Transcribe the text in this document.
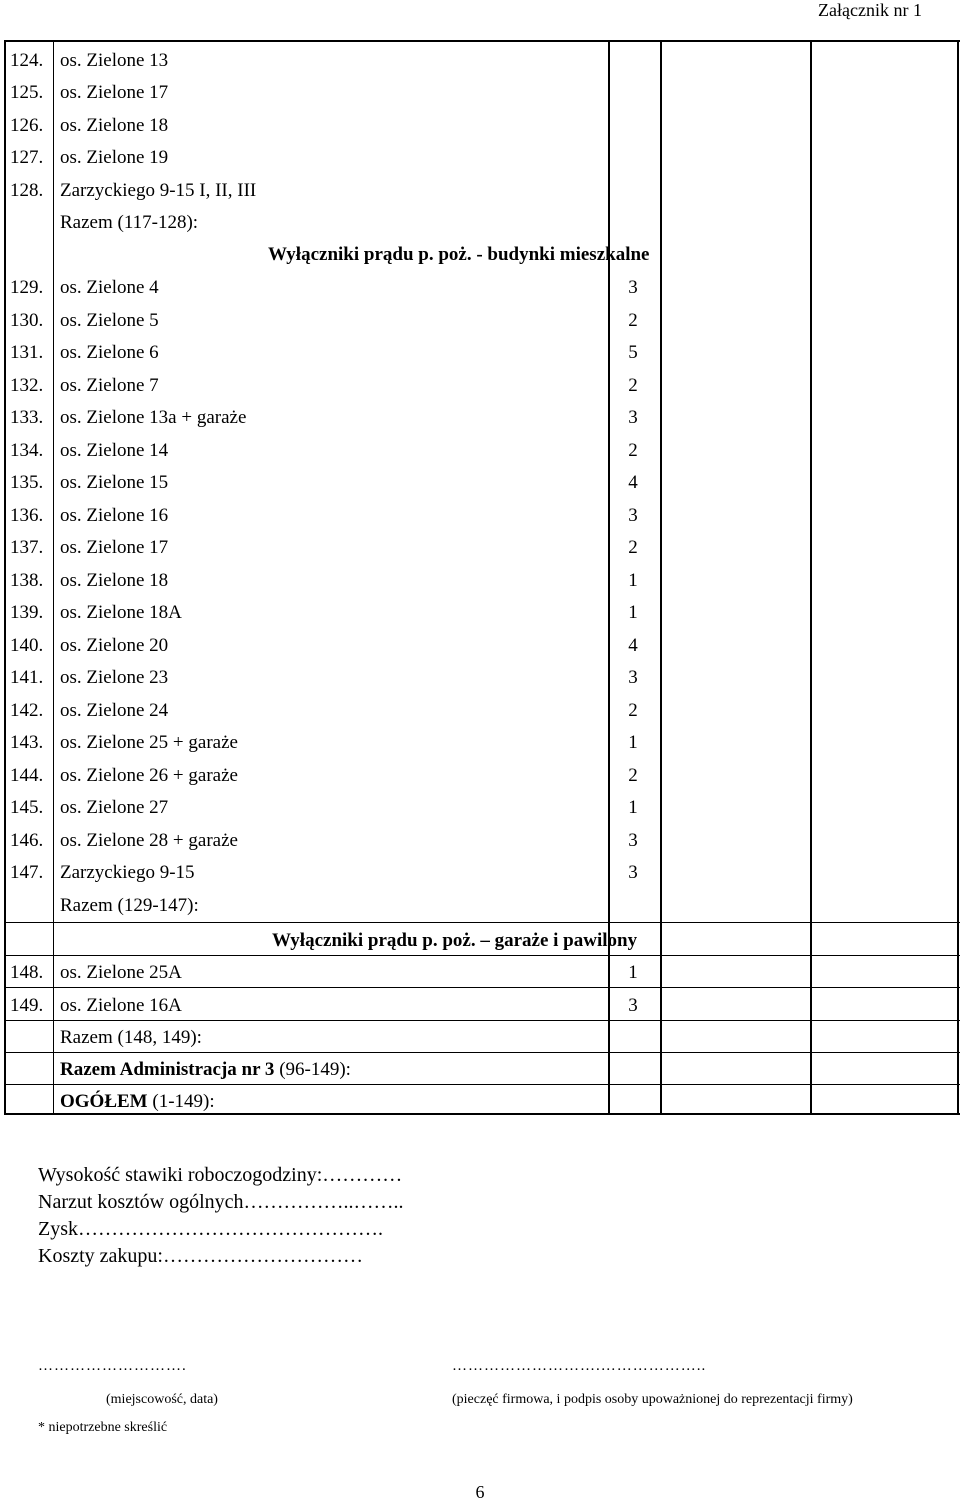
Załącznik nr 1
124. os. Zielone 13
125. os. Zielone 17
126. os. Zielone 18
127. os. Zielone 19
128. Zarzyckiego 9-15 I, II, III
Razem (117-128):
Wyłączniki prądu p. poż. - budynki mieszkalne
129. os. Zielone 4	3
130. os. Zielone 5	2
131. os. Zielone 6	5
132. os. Zielone 7	2
133. os. Zielone 13a + garaże	3
134. os. Zielone 14	2
135. os. Zielone 15	4
136. os. Zielone 16	3
137. os. Zielone 17	2
138. os. Zielone 18	1
139. os. Zielone 18A	1
140. os. Zielone 20	4
141. os. Zielone 23	3
142. os. Zielone 24	2
143. os. Zielone 25 + garaże	1
144. os. Zielone 26 + garaże	2
145. os. Zielone 27	1
146. os. Zielone 28 + garaże	3
147. Zarzyckiego 9-15	3
Razem (129-147):
Wyłączniki prądu p. poż. – garaże i pawilony
148. os. Zielone 25A	1
149. os. Zielone 16A	3
Razem (148, 149):
Razem Administracja nr 3 (96-149):
OGÓŁEM (1-149):
Wysokość stawiki roboczogodziny:…………
Narzut kosztów ogólnych……………..……..
Zysk……………………………………….
Koszty zakupu:…………………………
……………………….	……………………….………………..
(miejscowość, data)	(pieczęć firmowa, i podpis osoby upoważnionej do reprezentacji firmy)
* niepotrzebne skreślić
6
